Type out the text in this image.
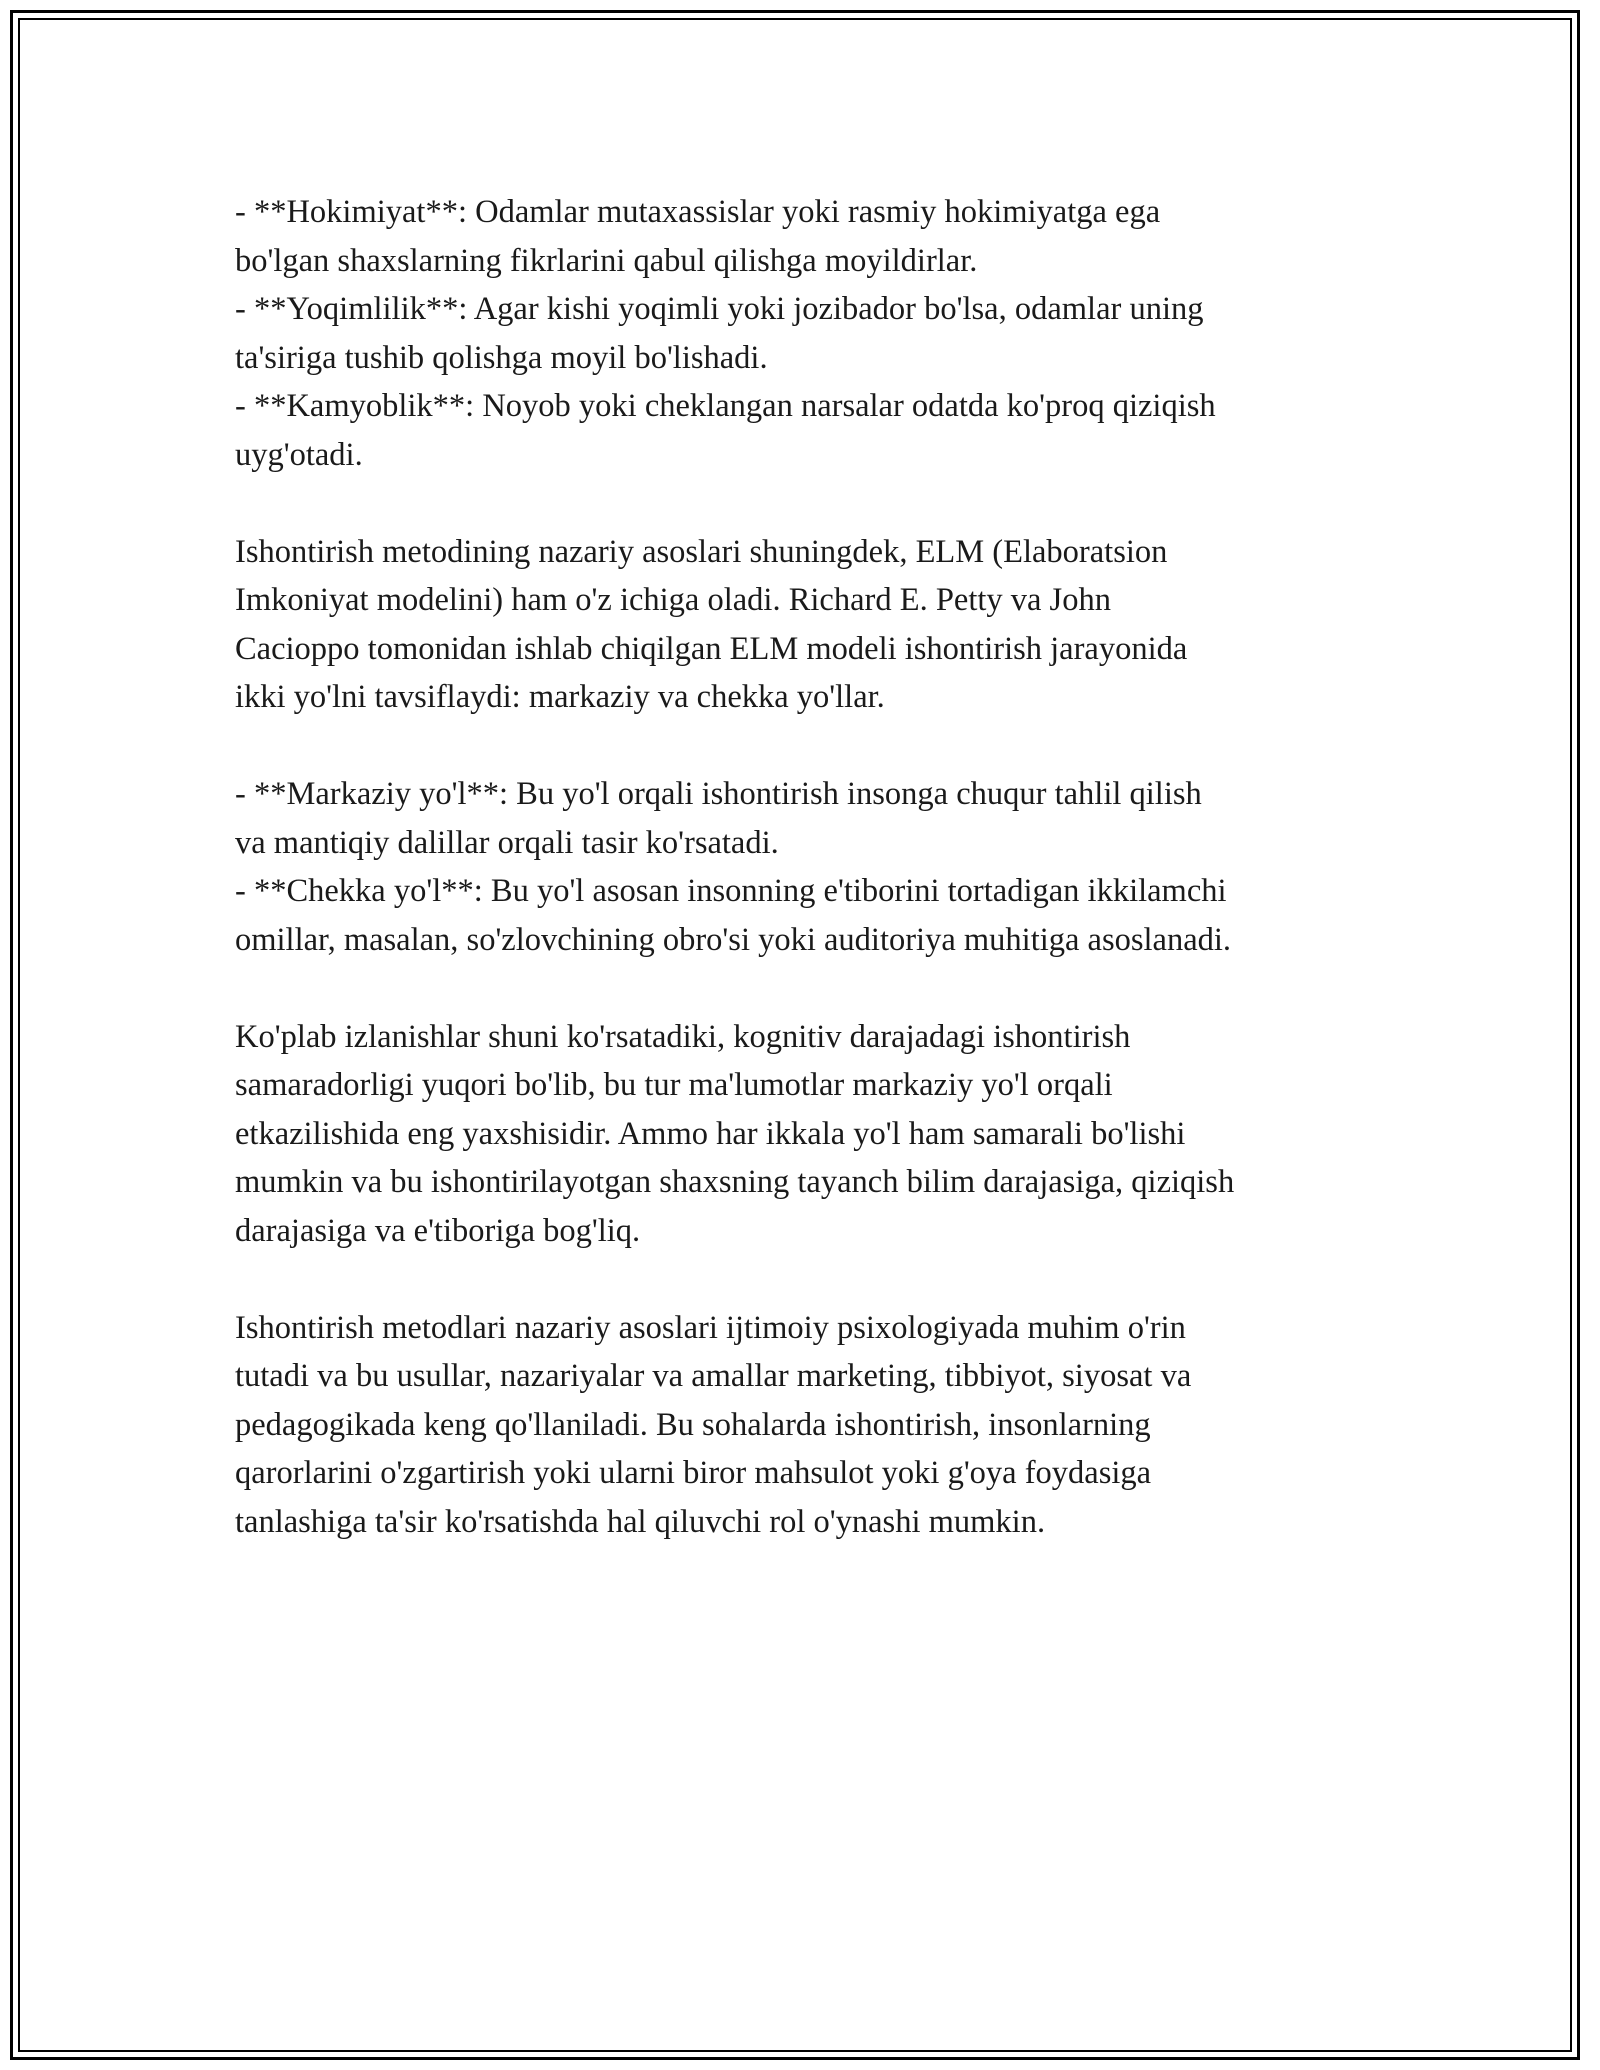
- **Hokimiyat**: Odamlar mutaxassislar yoki rasmiy hokimiyatga ega
bo'lgan shaxslarning fikrlarini qabul qilishga moyildirlar.
- **Yoqimlilik**: Agar kishi yoqimli yoki jozibador bo'lsa, odamlar uning
ta'siriga tushib qolishga moyil bo'lishadi.
- **Kamyoblik**: Noyob yoki cheklangan narsalar odatda ko'proq qiziqish
uyg'otadi.

Ishontirish metodining nazariy asoslari shuningdek, ELM (Elaboratsion
Imkoniyat modelini) ham o'z ichiga oladi. Richard E. Petty va John
Cacioppo tomonidan ishlab chiqilgan ELM modeli ishontirish jarayonida
ikki yo'lni tavsiflaydi: markaziy va chekka yo'llar.

- **Markaziy yo'l**: Bu yo'l orqali ishontirish insonga chuqur tahlil qilish
va mantiqiy dalillar orqali tasir ko'rsatadi.
- **Chekka yo'l**: Bu yo'l asosan insonning e'tiborini tortadigan ikkilamchi
omillar, masalan, so'zlovchining obro'si yoki auditoriya muhitiga asoslanadi.

Ko'plab izlanishlar shuni ko'rsatadiki, kognitiv darajadagi ishontirish
samaradorligi yuqori bo'lib, bu tur ma'lumotlar markaziy yo'l orqali
etkazilishida eng yaxshisidir. Ammo har ikkala yo'l ham samarali bo'lishi
mumkin va bu ishontirilayotgan shaxsning tayanch bilim darajasiga, qiziqish
darajasiga va e'tiboriga bog'liq.

Ishontirish metodlari nazariy asoslari ijtimoiy psixologiyada muhim o'rin
tutadi va bu usullar, nazariyalar va amallar marketing, tibbiyot, siyosat va
pedagogikada keng qo'llaniladi. Bu sohalarda ishontirish, insonlarning
qarorlarini o'zgartirish yoki ularni biror mahsulot yoki g'oya foydasiga
tanlashiga ta'sir ko'rsatishda hal qiluvchi rol o'ynashi mumkin.
